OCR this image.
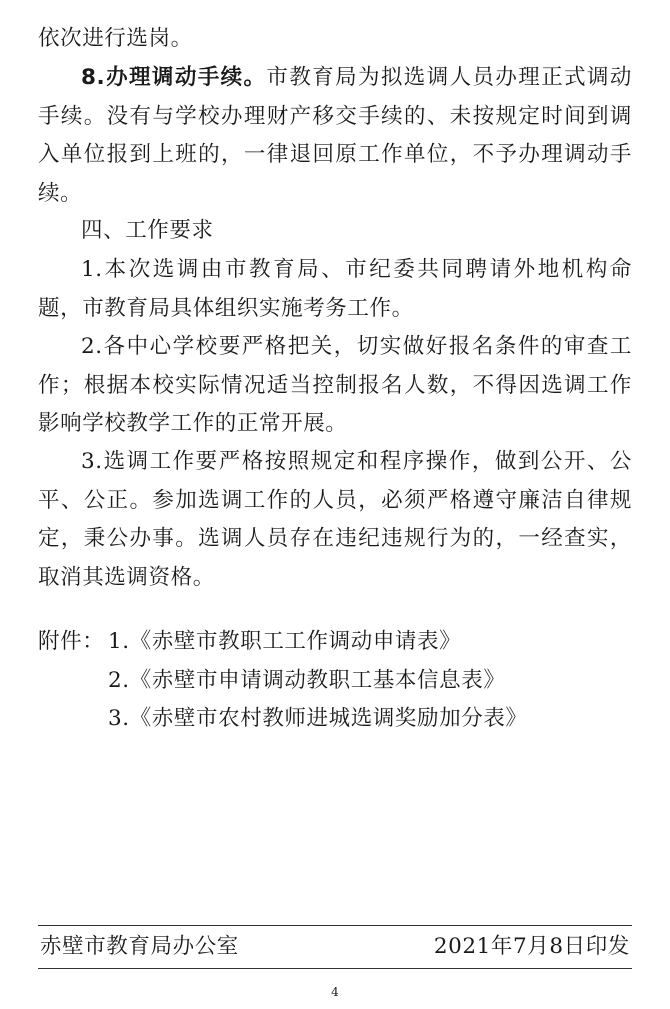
依次进行选岗。

8.办理调动手续。市教育局为拟选调人员办理正式调动手续。没有与学校办理财产移交手续的、未按规定时间到调入单位报到上班的，一律退回原工作单位，不予办理调动手续。

四、工作要求

1.本次选调由市教育局、市纪委共同聘请外地机构命题，市教育局具体组织实施考务工作。

2.各中心学校要严格把关，切实做好报名条件的审查工作；根据本校实际情况适当控制报名人数，不得因选调工作影响学校教学工作的正常开展。

3.选调工作要严格按照规定和程序操作，做到公开、公平、公正。参加选调工作的人员，必须严格遵守廉洁自律规定，秉公办事。选调人员存在违纪违规行为的，一经查实，取消其选调资格。

附件： 1.《赤壁市教职工工作调动申请表》
2.《赤壁市申请调动教职工基本信息表》
3.《赤壁市农村教师进城选调奖励加分表》
赤壁市教育局办公室	2021年7月8日印发
4
